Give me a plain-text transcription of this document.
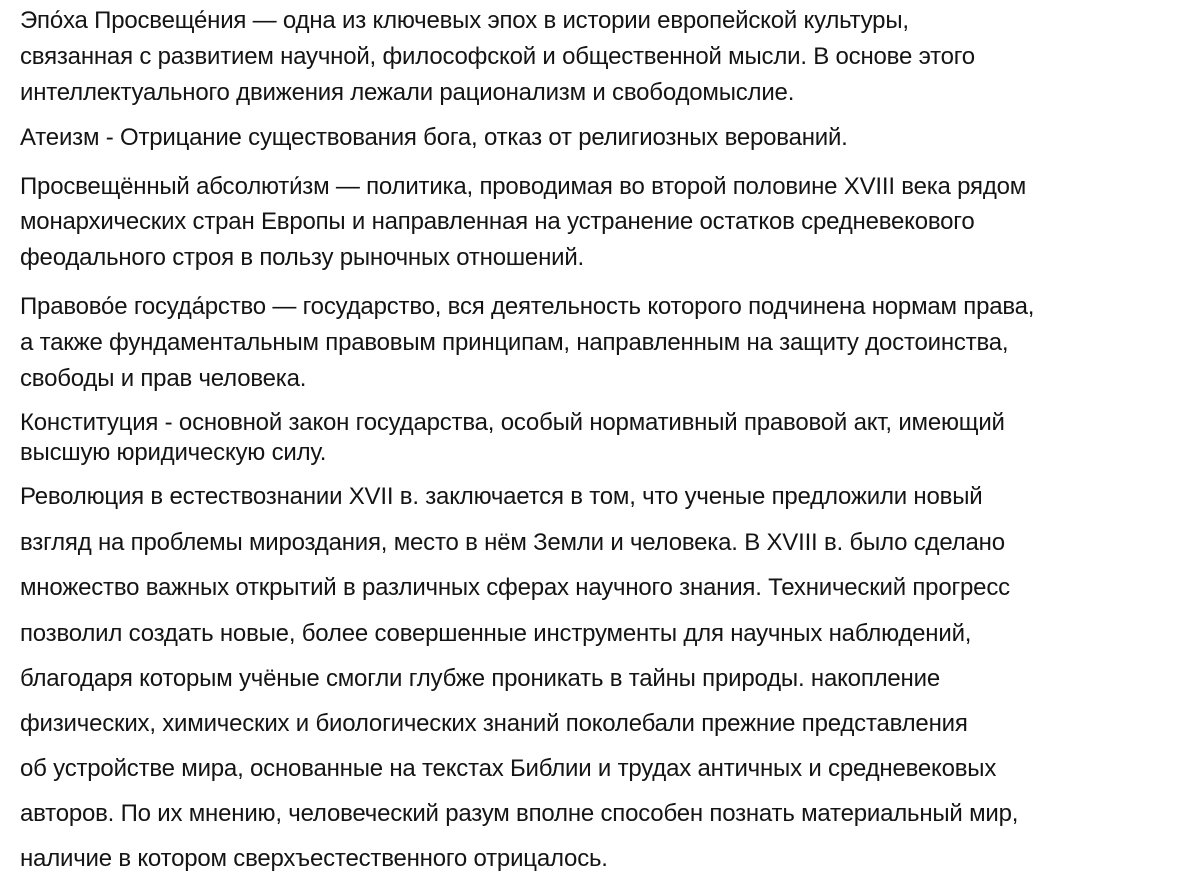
Эпо́ха Просвеще́ния — одна из ключевых эпох в истории европейской культуры,
связанная с развитием научной, философской и общественной мысли. В основе этого
интеллектуального движения лежали рационализм и свободомыслие.
Атеизм - Отрицание существования бога, отказ от религиозных верований.
Просвещённый абсолюти́зм — политика, проводимая во второй половине XVIII века рядом
монархических стран Европы и направленная на устранение остатков средневекового
феодального строя в пользу рыночных отношений.
Правово́е госуда́рство — государство, вся деятельность которого подчинена нормам права,
а также фундаментальным правовым принципам, направленным на защиту достоинства,
свободы и прав человека.
Конституция - основной закон государства, особый нормативный правовой акт, имеющий
высшую юридическую силу.
Революция в естествознании XVII в. заключается в том, что ученые предложили новый
взгляд на проблемы мироздания, место в нём Земли и человека. В XVIII в. было сделано
множество важных открытий в различных сферах научного знания. Технический прогресс
позволил создать новые, более совершенные инструменты для научных наблюдений,
благодаря которым учёные смогли глубже проникать в тайны природы. накопление
физических, химических и биологических знаний поколебали прежние представления
об устройстве мира, основанные на текстах Библии и трудах античных и средневековых
авторов. По их мнению, человеческий разум вполне способен познать материальный мир,
наличие в котором сверхъестественного отрицалось.
